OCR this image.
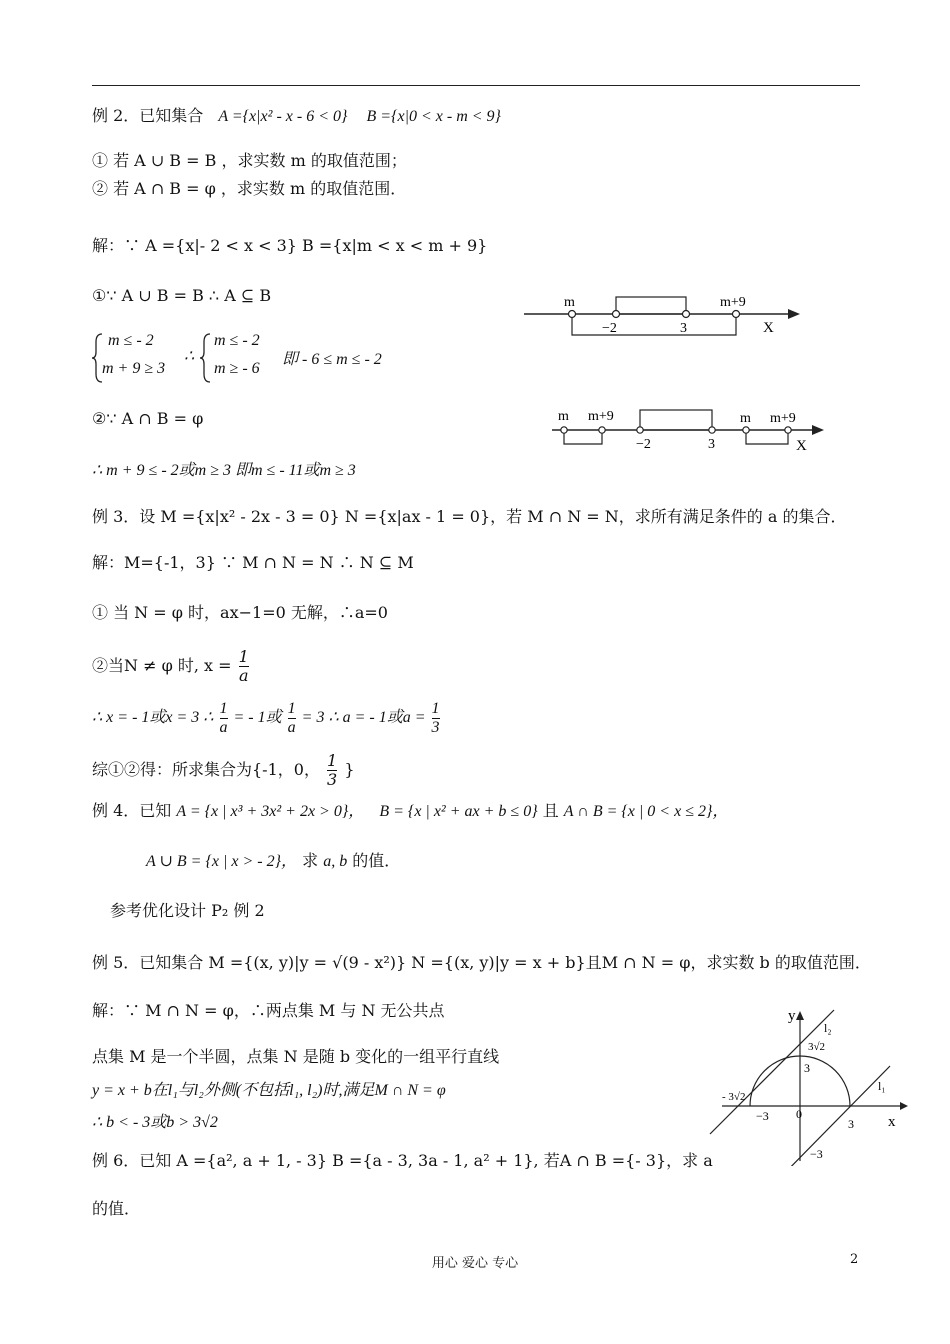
例 2．已知集合 A ={x|x² - x - 6 < 0} B ={x|0 < x - m < 9}
① 若 A ∪ B = B ，求实数 m 的取值范围；
② 若 A ∩ B = φ ，求实数 m 的取值范围．
解：∵ A ={x|- 2 < x < 3} B ={x|m < x < m + 9}
①∵ A ∪ B = B ∴ A ⊆ B	m	m+9
−2	3	X
m ≤ - 2
m + 9 ≥ 3
∴
m ≤ - 2
m ≥ - 6
即 - 6 ≤ m ≤ - 2
②∵ A ∩ B = φ	m m+9
−2	3
m m+9
X
∴ m + 9 ≤ - 2或m ≥ 3 即m ≤ - 11或m ≥ 3
例 3．设 M ={x|x² - 2x - 3 = 0} N ={x|ax - 1 = 0}，若 M ∩ N = N，求所有满足条件的 a 的集合．
解：M={-1，3} ∵ M ∩ N = N ∴ N ⊆ M
① 当 N = φ 时，ax−1=0 无解，∴a=0
②当N ≠ φ 时, $x = \frac{1}{a}$
∴ x = - 1或x = 3 ∴ $\frac{1}{a}$ = - 1或 $\frac{1}{a} = 3$ ∴ a = - 1或$a = \frac{1}{3}$
综①②得：所求集合为{-1，0， $\frac{1}{3}$ }
例 4．已知 A = {x | x³ + 3x² + 2x > 0}， B = {x | x² + ax + b ≤ 0} 且 A ∩ B = {x | 0 < x ≤ 2}，
A ∪ B = {x | x > - 2}， 求 a, b 的值．
参考优化设计 P₂ 例 2
例 5．已知集合 M ={(x, y)|y = √(9 - x²)} N ={(x, y)|y = x + b}且M ∩ N = φ，求实数 b 的取值范围．
解：∵ M ∩ N = φ，∴两点集 M 与 N 无公共点
点集 M 是一个半圆，点集 N 是随 b 变化的一组平行直线
y = x + b在l₁与l₂外侧(不包括l₁, l₂)时,满足M ∩ N = φ
∴ b < - 3或b > 3√2
y
x
l₂
l₁
3√2
3
−3 0
3
−3
- 3√2
例 6．已知 A ={a², a + 1, - 3} B ={a - 3, 3a - 1, a² + 1}, 若A ∩ B ={- 3}，求 a
的值．
用心 爱心 专心	2
